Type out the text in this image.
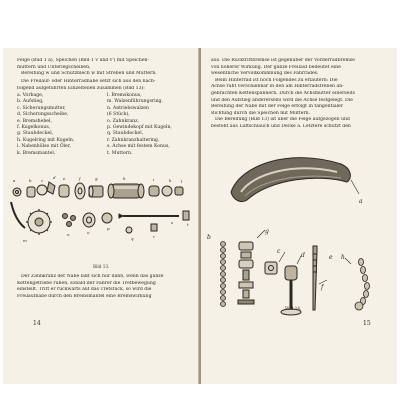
Felge (Bild 1 a), Speichen (Bild 1 v und v') mit Speichen-
muttern und Unterlegscheiben,
Bereifung w und Schutzblech w mit Streben und Muttern.
Die Freilauf- oder Hinterradnabe setzt sich aus den nach-
folgend aufgeführten Einzelteilen zusammen (Bild 13):
a. Vorbage,
b. Aufstieg,
c. Sicherungsmutter,
d. Sicherungsscheibe,
e. Bremshebel,
f. Kugelkonus,
g. Staubdeckel,
h. Kugelring mit Kugeln,
i. Nabenhülse mit Öler,
k. Bremsmantel,
l. Bremskonus,
m. Walzenführungsring,
n. Antriebswalzen
(6 Stück),
o. Zahnkranz,
p. Gewindekopf mit Kugeln,
q. Staubdeckel,
r. Zahnkranzhaltering,
s. Achse mit festem Konus,
t. Muttern.
a	b c
d e	f	g	h	i	k l
m
n	o
p
q	r
s	t
Bild 13.
Der Zahnkranz der Nabe läßt sich nur dann, wenn das ganze
Kettengetriebe ruhen, sobald der Fahrer die Tretbewegung
einstellt. Tritt er rückwärts auf das Tretstück, so wird die
Freilaufnabe durch den Bremsmantel eine Bremswirkung
14
aus. Die Rücktrittbremse ist gegenüber der Vorderradbremse
von höherer Wirkung. Der ganze Freilauf bedeutet eine
wesentliche Vervollkommnung des Fahrrades.
Beim Hinterrad ist noch Folgendes zu erläutern: Die
Achse ruht verschiebbar in den am Hinterradstreben an-
gebrachten Kettenspannern. Durch die Achsmutter einerseits
und den Aufstieg andererseits wird die Achse festgelegt. Die
Bereifung der Nabe mit der Felge erfolgt in tangentialer
Richtung durch die Speichen mit Muttern.
Die Bereifung (Bild 13) ist über die Felge aufgezogen und
besteht aus Luftschlauch und Decke a. Letztere schützt den
a
b
c
d	e
f
g
h
Bild 14.
15
